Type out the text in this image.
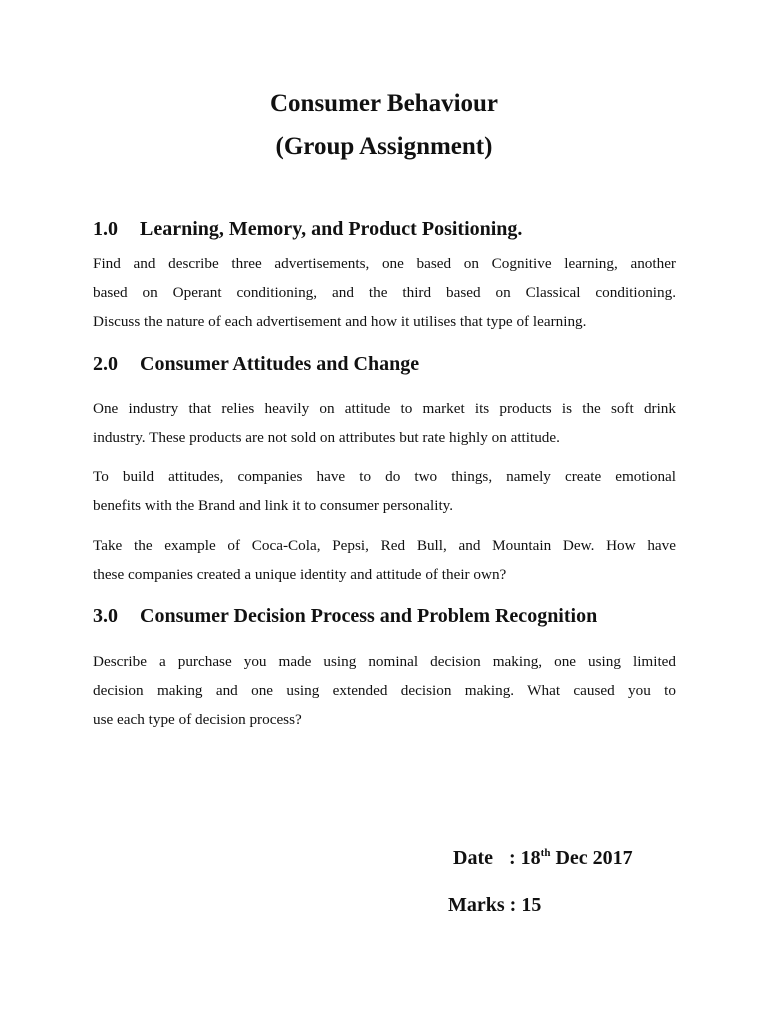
Consumer Behaviour
(Group Assignment)
1.0 Learning, Memory, and Product Positioning.

Find and describe three advertisements, one based on Cognitive learning, another
based on Operant conditioning, and the third based on Classical conditioning.
Discuss the nature of each advertisement and how it utilises that type of learning.

2.0 Consumer Attitudes and Change

One industry that relies heavily on attitude to market its products is the soft drink
industry. These products are not sold on attributes but rate highly on attitude.

To build attitudes, companies have to do two things, namely create emotional
benefits with the Brand and link it to consumer personality.

Take the example of Coca-Cola, Pepsi, Red Bull, and Mountain Dew. How have
these companies created a unique identity and attitude of their own?

3.0 Consumer Decision Process and Problem Recognition

Describe a purchase you made using nominal decision making, one using limited
decision making and one using extended decision making. What caused you to
use each type of decision process?

Date : 18th Dec 2017

Marks : 15
